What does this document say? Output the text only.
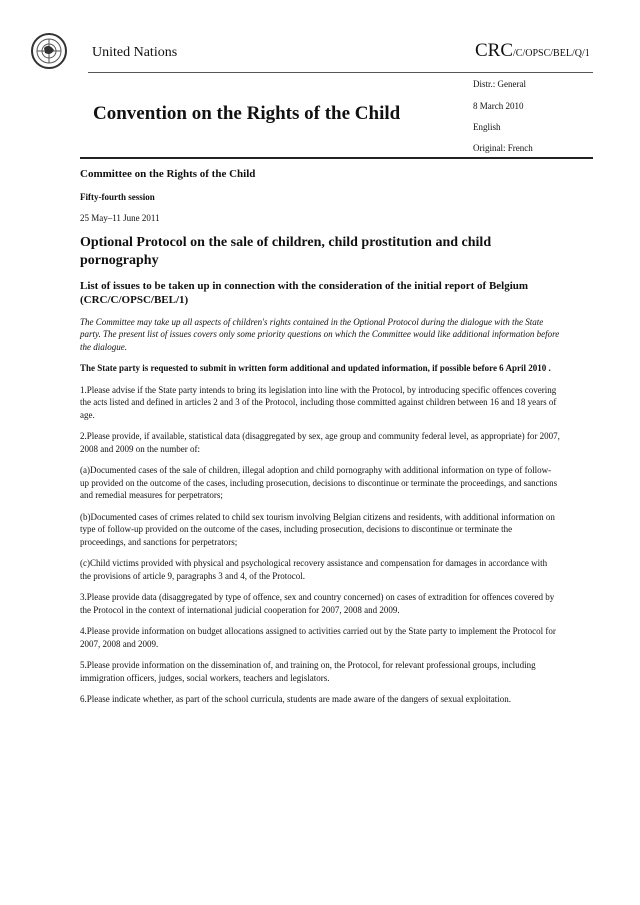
United Nations	CRC/C/OPSC/BEL/Q/1
Distr.: General
8 March 2010
English
Original: French
Convention on the Rights of the Child

Committee on the Rights of the Child

Fifty-fourth session

25 May–11 June 2011

Optional Protocol on the sale of children, child prostitution and child pornography

List of issues to be taken up in connection with the consideration of the initial report of Belgium (CRC/C/OPSC/BEL/1)

The Committee may take up all aspects of children's rights contained in the Optional Protocol during the dialogue with the State party. The present list of issues covers only some priority questions on which the Committee would like additional information before the dialogue.

The State party is requested to submit in written form additional and updated information, if possible before 6 April 2010 .

1.Please advise if the State party intends to bring its legislation into line with the Protocol, by introducing specific offences covering the acts listed and defined in articles 2 and 3 of the Protocol, including those committed against children between 16 and 18 years of age.

2.Please provide, if available, statistical data (disaggregated by sex, age group and community federal level, as appropriate) for 2007, 2008 and 2009 on the number of:

(a)Documented cases of the sale of children, illegal adoption and child pornography with additional information on type of follow-up provided on the outcome of the cases, including prosecution, decisions to discontinue or terminate the proceedings, and sanctions and remedial measures for perpetrators;

(b)Documented cases of crimes related to child sex tourism involving Belgian citizens and residents, with additional information on type of follow-up provided on the outcome of the cases, including prosecution, decisions to discontinue or terminate the proceedings, and sanctions for perpetrators;

(c)Child victims provided with physical and psychological recovery assistance and compensation for damages in accordance with the provisions of article 9, paragraphs 3 and 4, of the Protocol.

3.Please provide data (disaggregated by type of offence, sex and country concerned) on cases of extradition for offences covered by the Protocol in the context of international judicial cooperation for 2007, 2008 and 2009.

4.Please provide information on budget allocations assigned to activities carried out by the State party to implement the Protocol for 2007, 2008 and 2009.

5.Please provide information on the dissemination of, and training on, the Protocol, for relevant professional groups, including immigration officers, judges, social workers, teachers and legislators.

6.Please indicate whether, as part of the school curricula, students are made aware of the dangers of sexual exploitation.
